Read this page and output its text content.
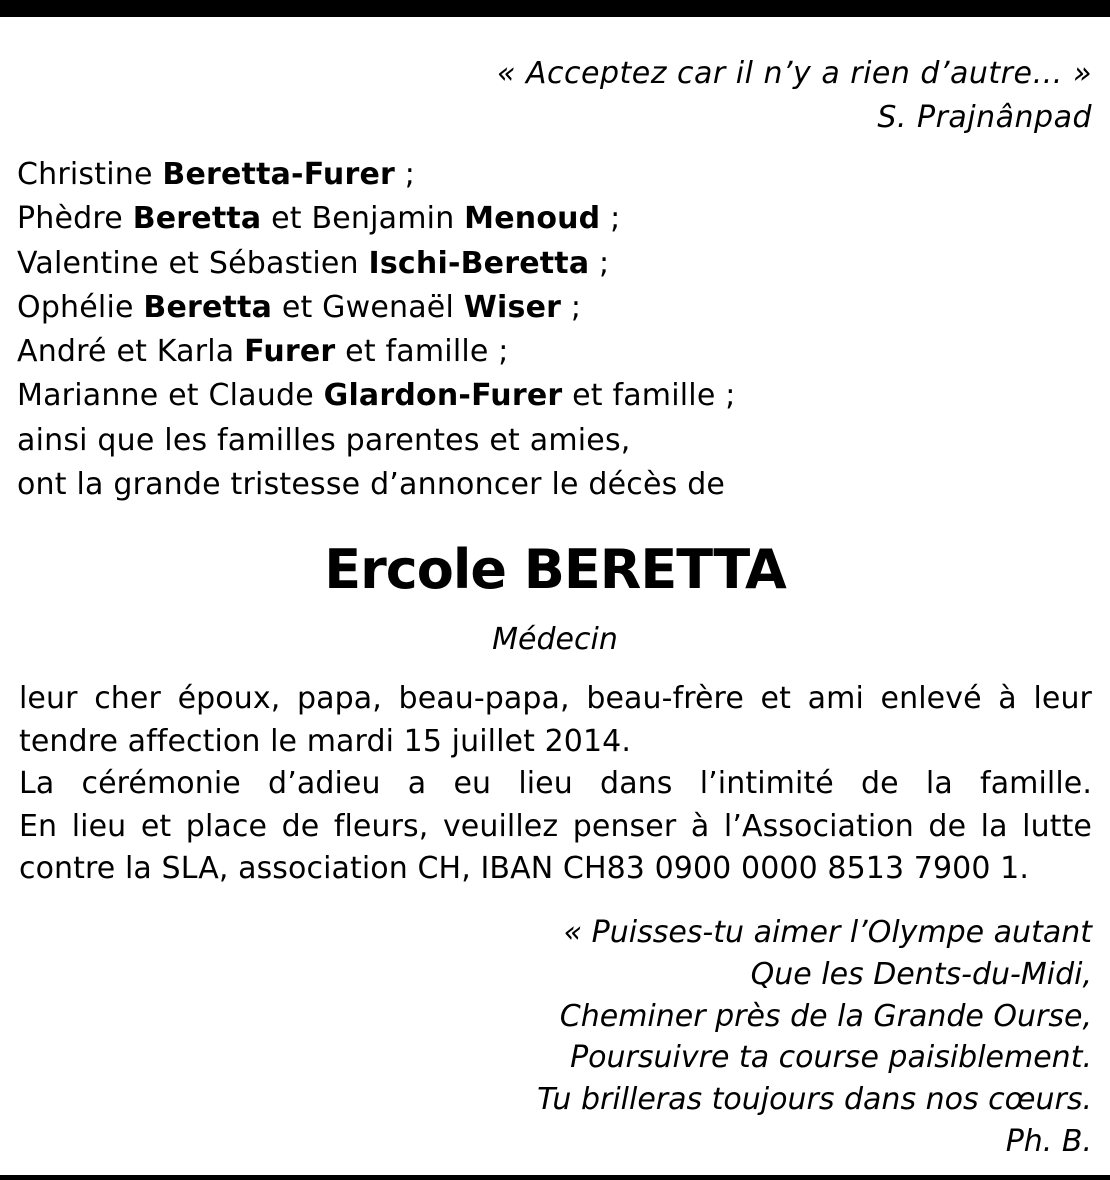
« Acceptez car il n’y a rien d’autre… »
S. Prajnânpad
Christine Beretta-Furer ;
Phèdre Beretta et Benjamin Menoud ;
Valentine et Sébastien Ischi-Beretta ;
Ophélie Beretta et Gwenaël Wiser ;
André et Karla Furer et famille ;
Marianne et Claude Glardon-Furer et famille ;
ainsi que les familles parentes et amies,
ont la grande tristesse d’annoncer le décès de
Ercole BERETTA
Médecin
leur cher époux, papa, beau-papa, beau-frère et ami enlevé à leur
tendre affection le mardi 15 juillet 2014.
La cérémonie d’adieu a eu lieu dans l’intimité de la famille.
En lieu et place de fleurs, veuillez penser à l’Association de la lutte
contre la SLA, association CH, IBAN CH83 0900 0000 8513 7900 1.
« Puisses-tu aimer l’Olympe autant
Que les Dents-du-Midi,
Cheminer près de la Grande Ourse,
Poursuivre ta course paisiblement.
Tu brilleras toujours dans nos cœurs.
Ph. B.
